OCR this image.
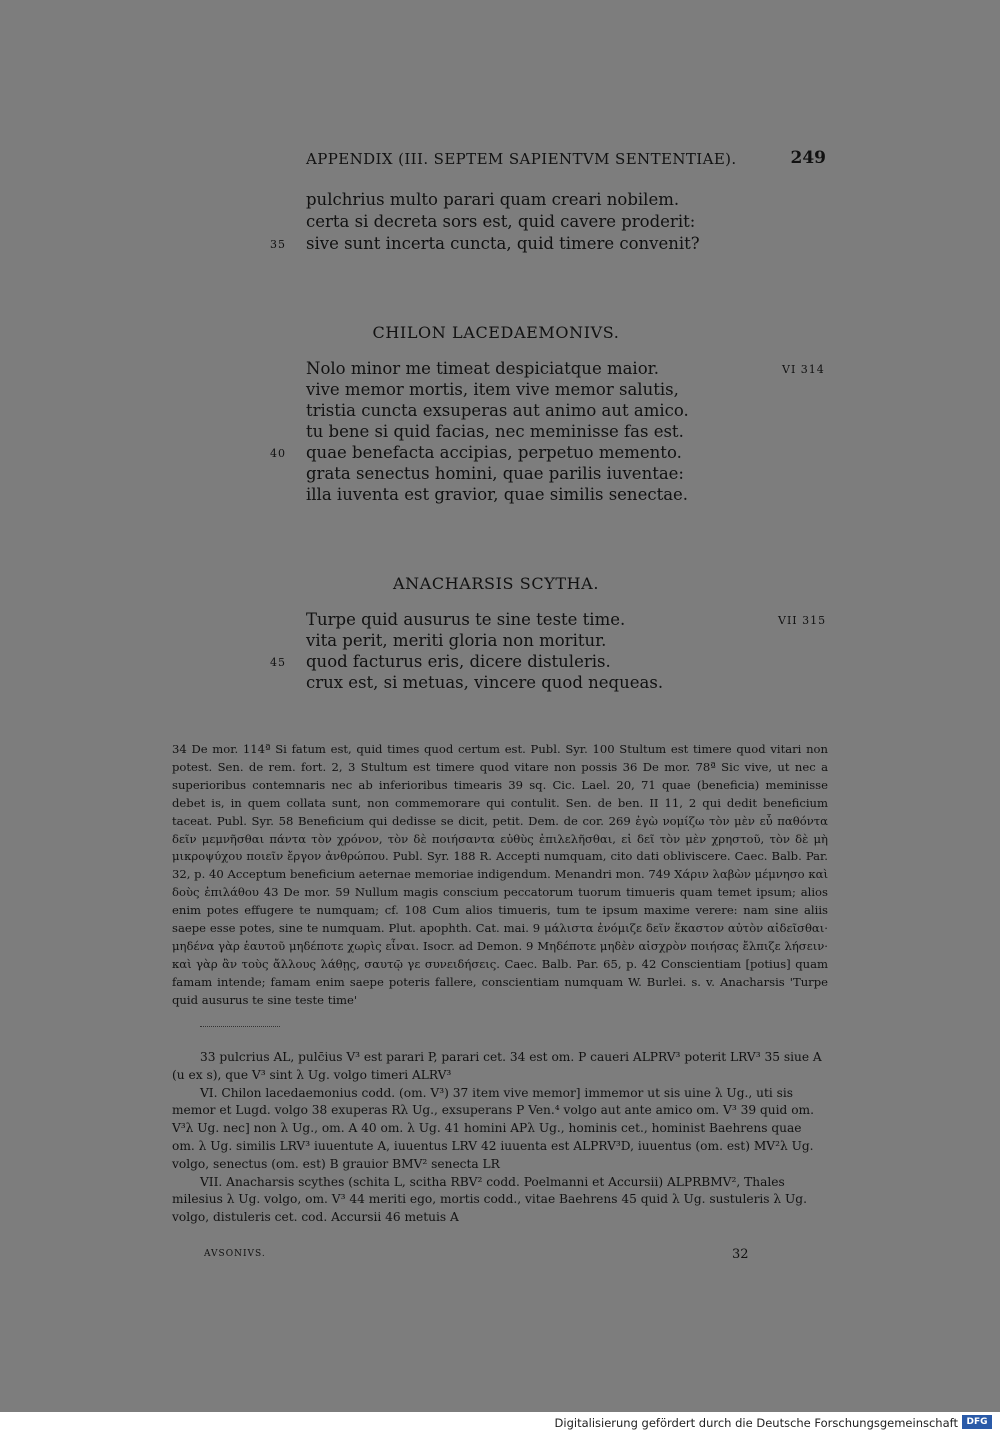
APPENDIX (III. SEPTEM SAPIENTVM SENTENTIAE).	249
pulchrius multo parari quam creari nobilem.
certa si decreta sors est, quid cavere proderit:
sive sunt incerta cuncta, quid timere convenit?
35
CHILON LACEDAEMONIVS.
VI 314
Nolo minor me timeat despiciatque maior.
vive memor mortis, item vive memor salutis,
tristia cuncta exsuperas aut animo aut amico.
tu bene si quid facias, nec meminisse fas est.
quae benefacta accipias, perpetuo memento.
grata senectus homini, quae parilis iuventae:
illa iuventa est gravior, quae similis senectae.
40
ANACHARSIS SCYTHA.
VII 315
Turpe quid ausurus te sine teste time.
vita perit, meriti gloria non moritur.
quod facturus eris, dicere distuleris.
crux est, si metuas, vincere quod nequeas.
45

34 De mor. 114ª Si fatum est, quid times quod certum est. Publ. Syr. 100 Stultum est timere quod vitari non potest. Sen. de rem. fort. 2, 3 Stultum est timere quod vitare non possis 36 De mor. 78ª Sic vive, ut nec a superioribus contemnaris nec ab inferioribus timearis 39 sq. Cic. Lael. 20, 71 quae (beneficia) meminisse debet is, in quem collata sunt, non commemorare qui contulit. Sen. de ben. II 11, 2 qui dedit beneficium taceat. Publ. Syr. 58 Beneficium qui dedisse se dicit, petit. Dem. de cor. 269 ἐγὼ νομίζω τὸν μὲν εὖ παθόντα δεῖν μεμνῆσθαι πάντα τὸν χρόνον, τὸν δὲ ποιήσαντα εὐθὺς ἐπιλελῆσθαι, εἰ δεῖ τὸν μὲν χρηστοῦ, τὸν δὲ μὴ μικροψύχου ποιεῖν ἔργον ἀνθρώπου. Publ. Syr. 188 R. Accepti numquam, cito dati obliviscere. Caec. Balb. Par. 32, p. 40 Acceptum beneficium aeternae memoriae indigendum. Menandri mon. 749 Χάριν λαβὼν μέμνησο καὶ δοὺς ἐπιλάθου 43 De mor. 59 Nullum magis conscium peccatorum tuorum timueris quam temet ipsum; alios enim potes effugere te numquam; cf. 108 Cum alios timueris, tum te ipsum maxime verere: nam sine aliis saepe esse potes, sine te numquam. Plut. apophth. Cat. mai. 9 μάλιστα ἐνόμιζε δεῖν ἕκαστον αὐτὸν αἰδεῖσθαι· μηδένα γὰρ ἑαυτοῦ μηδέποτε χωρὶς εἶναι. Isocr. ad Demon. 9 Μηδέποτε μηδὲν αἰσχρὸν ποιήσας ἔλπιζε λήσειν· καὶ γὰρ ἂν τοὺς ἄλλους λάθῃς, σαυτῷ γε συνειδήσεις. Caec. Balb. Par. 65, p. 42 Conscientiam [potius] quam famam intende; famam enim saepe poteris fallere, conscientiam numquam W. Burlei. s. v. Anacharsis 'Turpe quid ausurus te sine teste time'

33 pulcrius AL, pulc̄ius V³ est parari P, parari cet. 34 est om. P caueri ALPRV³ poterit LRV³ 35 siue A (u ex s), que V³ sint λ Ug. volgo timeri ALRV³

VI. Chilon lacedaemonius codd. (om. V³) 37 item vive memor] immemor ut sis uine λ Ug., uti sis memor et Lugd. volgo 38 exuperas Rλ Ug., exsuperans P Ven.⁴ volgo aut ante amico om. V³ 39 quid om. V³λ Ug. nec] non λ Ug., om. A 40 om. λ Ug. 41 homini APλ Ug., hominis cet., hominist Baehrens quae om. λ Ug. similis LRV³ iuuentute A, iuuentus LRV 42 iuuenta est ALPRV³D, iuuentus (om. est) MV²λ Ug. volgo, senectus (om. est) B grauior BMV² senecta LR

VII. Anacharsis scythes (schita L, scitha RBV² codd. Poelmanni et Accursii) ALPRBMV², Thales milesius λ Ug. volgo, om. V³ 44 meriti ego, mortis codd., vitae Baehrens 45 quid λ Ug. sustuleris λ Ug. volgo, distuleris cet. cod. Accursii 46 metuis A

AVSONIVS.	32
Digitalisierung gefördert durch die Deutsche Forschungsgemeinschaft DFG
